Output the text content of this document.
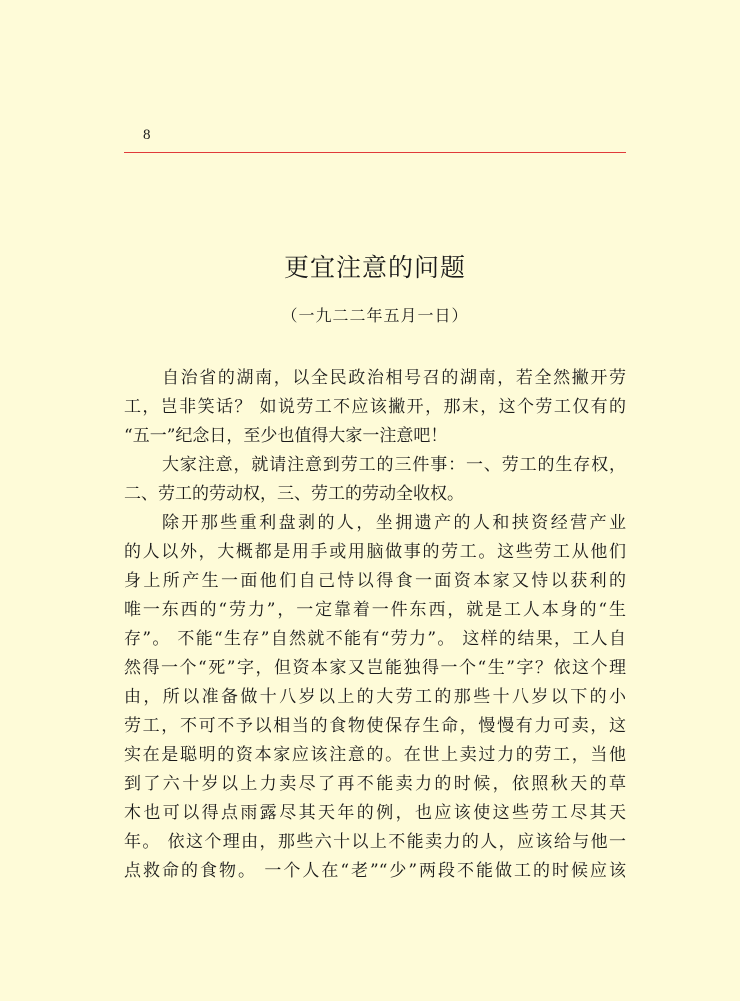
8
更宜注意的问题
（一九二二年五月一日）
自治省的湖南，以全民政治相号召的湖南，若全然撇开劳
工，岂非笑话？ 如说劳工不应该撇开，那末，这个劳工仅有的
“五一”纪念日，至少也值得大家一注意吧！
大家注意，就请注意到劳工的三件事：一、劳工的生存权，
二、劳工的劳动权，三、劳工的劳动全收权。
除开那些重利盘剥的人，坐拥遗产的人和挟资经营产业
的人以外，大概都是用手或用脑做事的劳工。这些劳工从他们
身上所产生一面他们自己恃以得食一面资本家又恃以获利的
唯一东西的“劳力”，一定靠着一件东西，就是工人本身的“生
存”。 不能“生存”自然就不能有“劳力”。 这样的结果，工人自
然得一个“死”字，但资本家又岂能独得一个“生”字？依这个理
由，所以准备做十八岁以上的大劳工的那些十八岁以下的小
劳工，不可不予以相当的食物使保存生命，慢慢有力可卖，这
实在是聪明的资本家应该注意的。在世上卖过力的劳工，当他
到了六十岁以上力卖尽了再不能卖力的时候，依照秋天的草
木也可以得点雨露尽其天年的例，也应该使这些劳工尽其天
年。 依这个理由，那些六十以上不能卖力的人，应该给与他一
点救命的食物。 一个人在“老”“少”两段不能做工的时候应该
